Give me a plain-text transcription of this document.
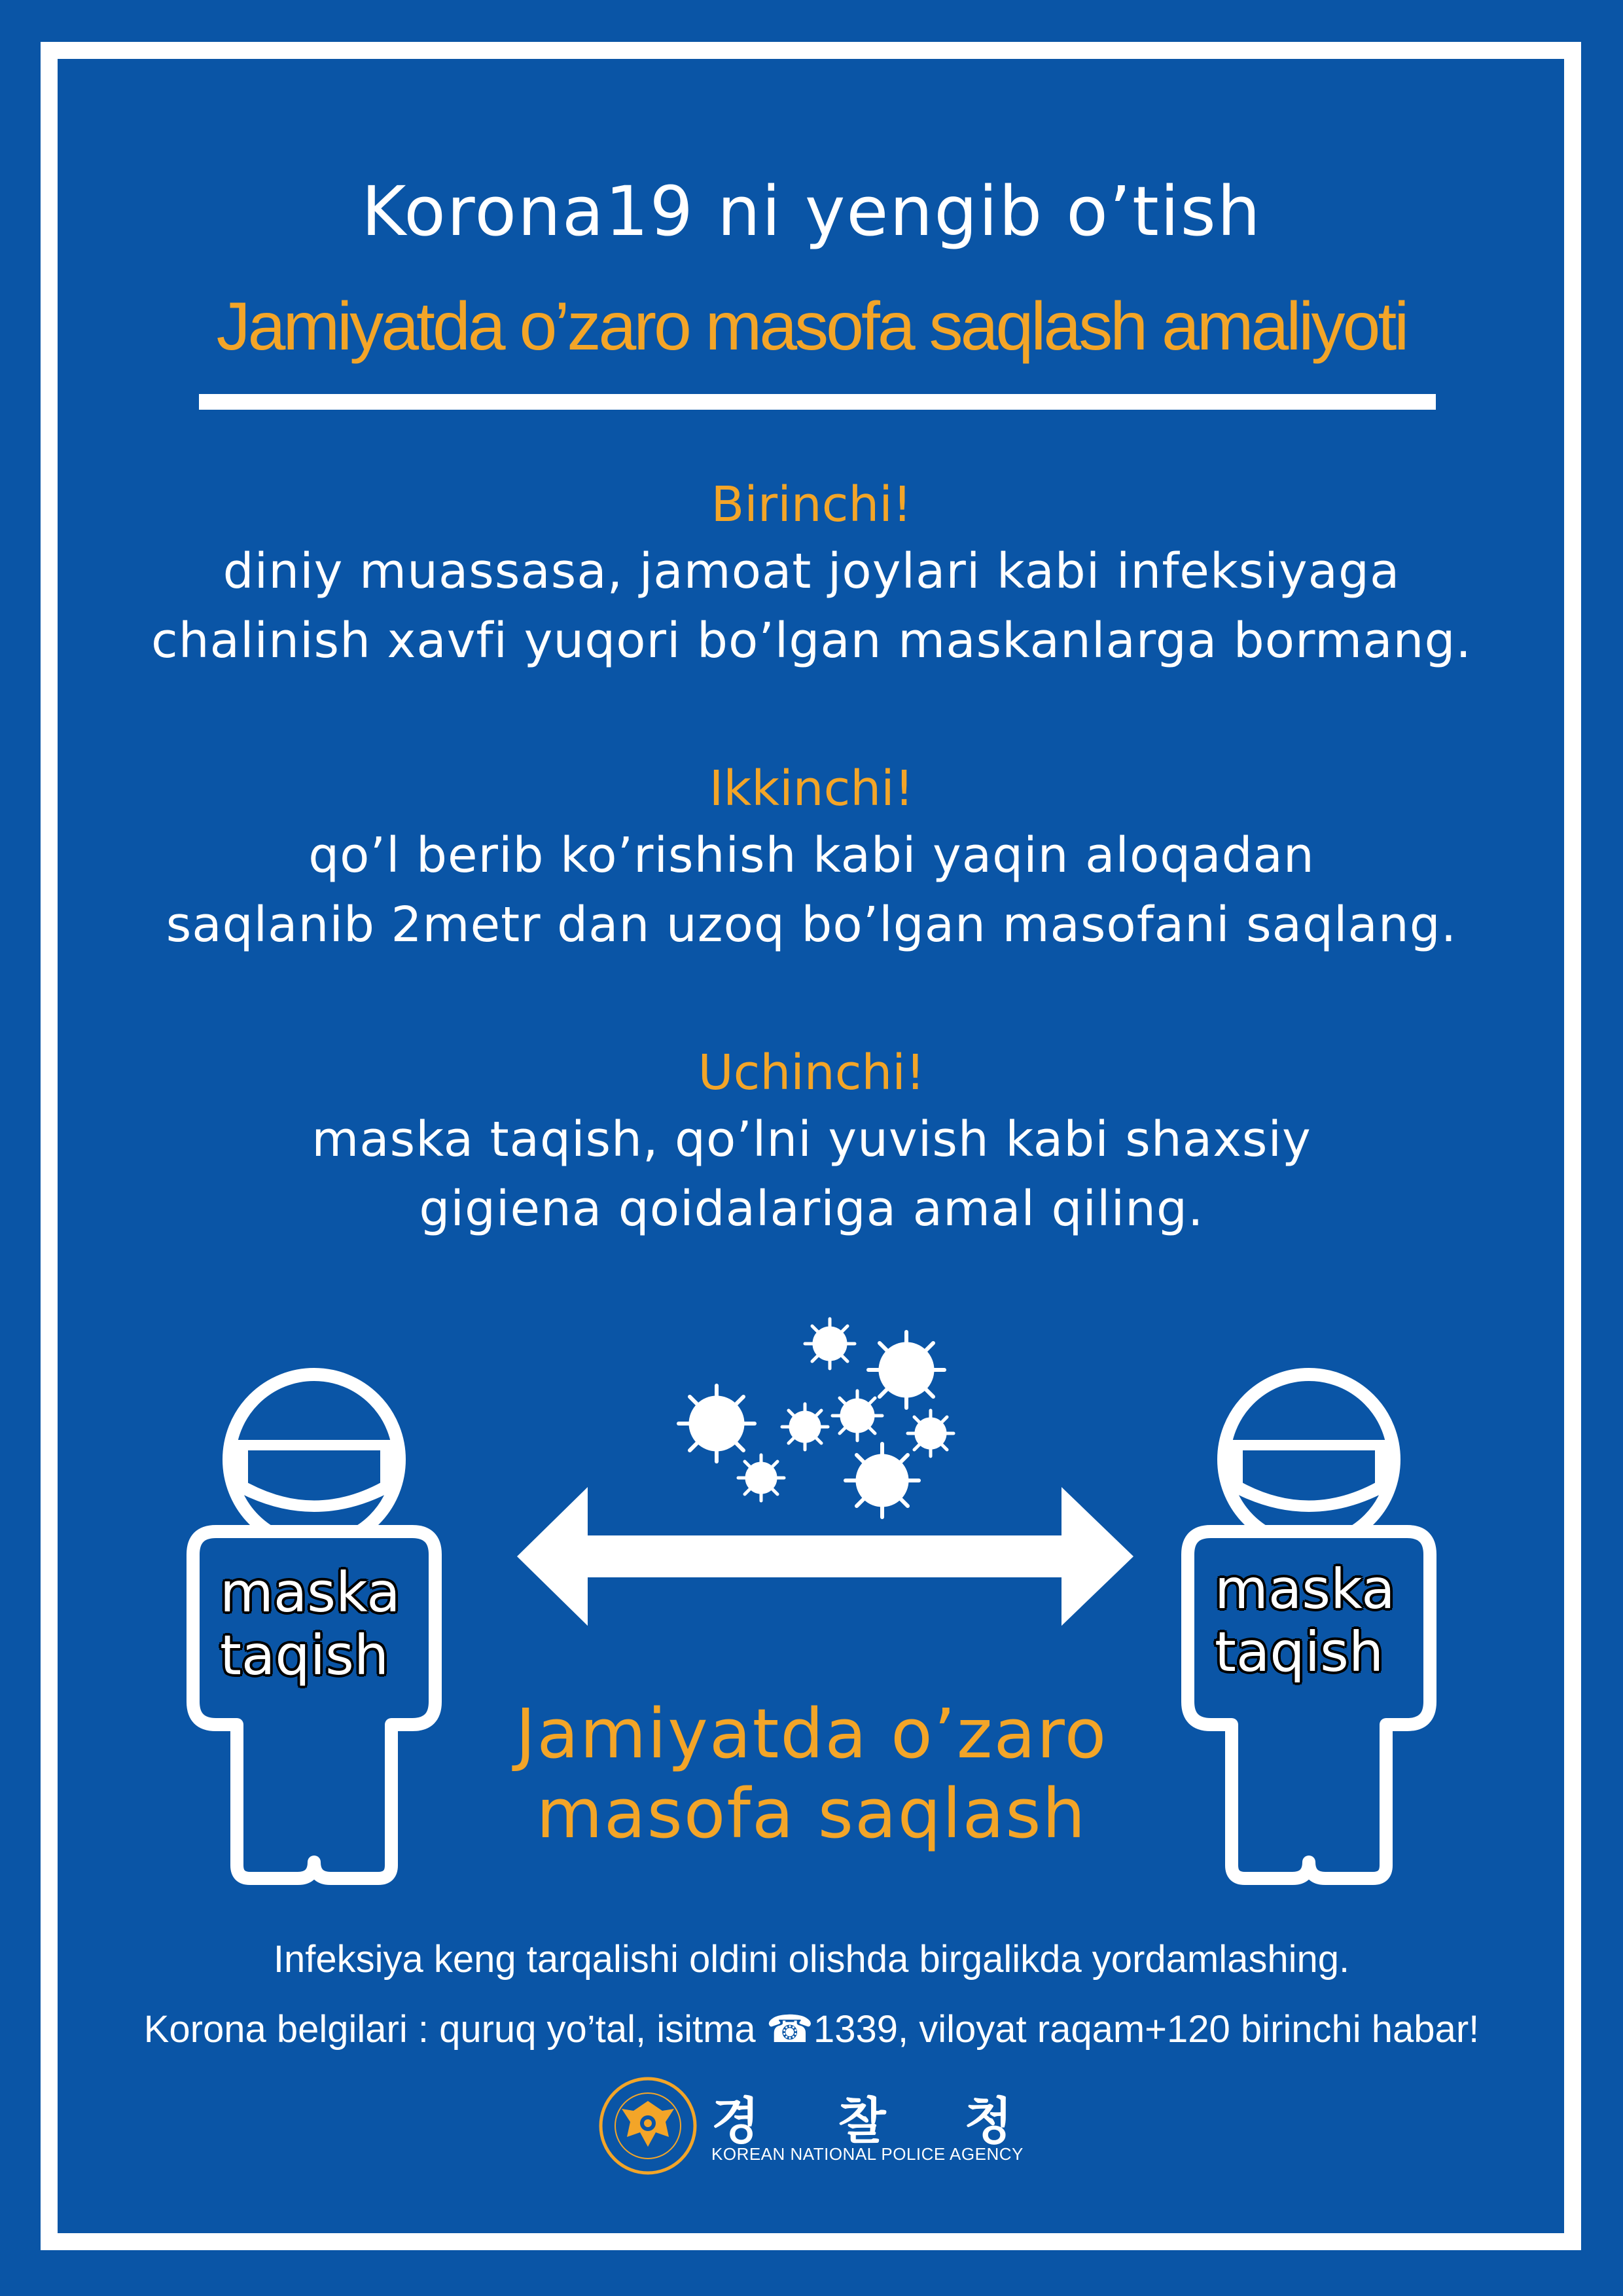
Korona19 ni yengib o’tish
Jamiyatda o’zaro masofa saqlash amaliyoti
Birinchi!
diniy muassasa, jamoat joylari kabi infeksiyaga
chalinish xavfi yuqori bo’lgan maskanlarga bormang.
Ikkinchi!
qo’l berib ko’rishish kabi yaqin aloqadan
saqlanib 2metr dan uzoq bo’lgan masofani saqlang.
Uchinchi!
maska taqish, qo’lni yuvish kabi shaxsiy
gigiena qoidalariga amal qiling.
maska
taqish
maska
taqish
Jamiyatda o’zaro
masofa saqlash
Infeksiya keng tarqalishi oldini olishda birgalikda yordamlashing.
Korona belgilari : quruq yo’tal, isitma ☎1339, viloyat raqam+120 birinchi habar!
경 찰 청
KOREAN NATIONAL POLICE AGENCY
